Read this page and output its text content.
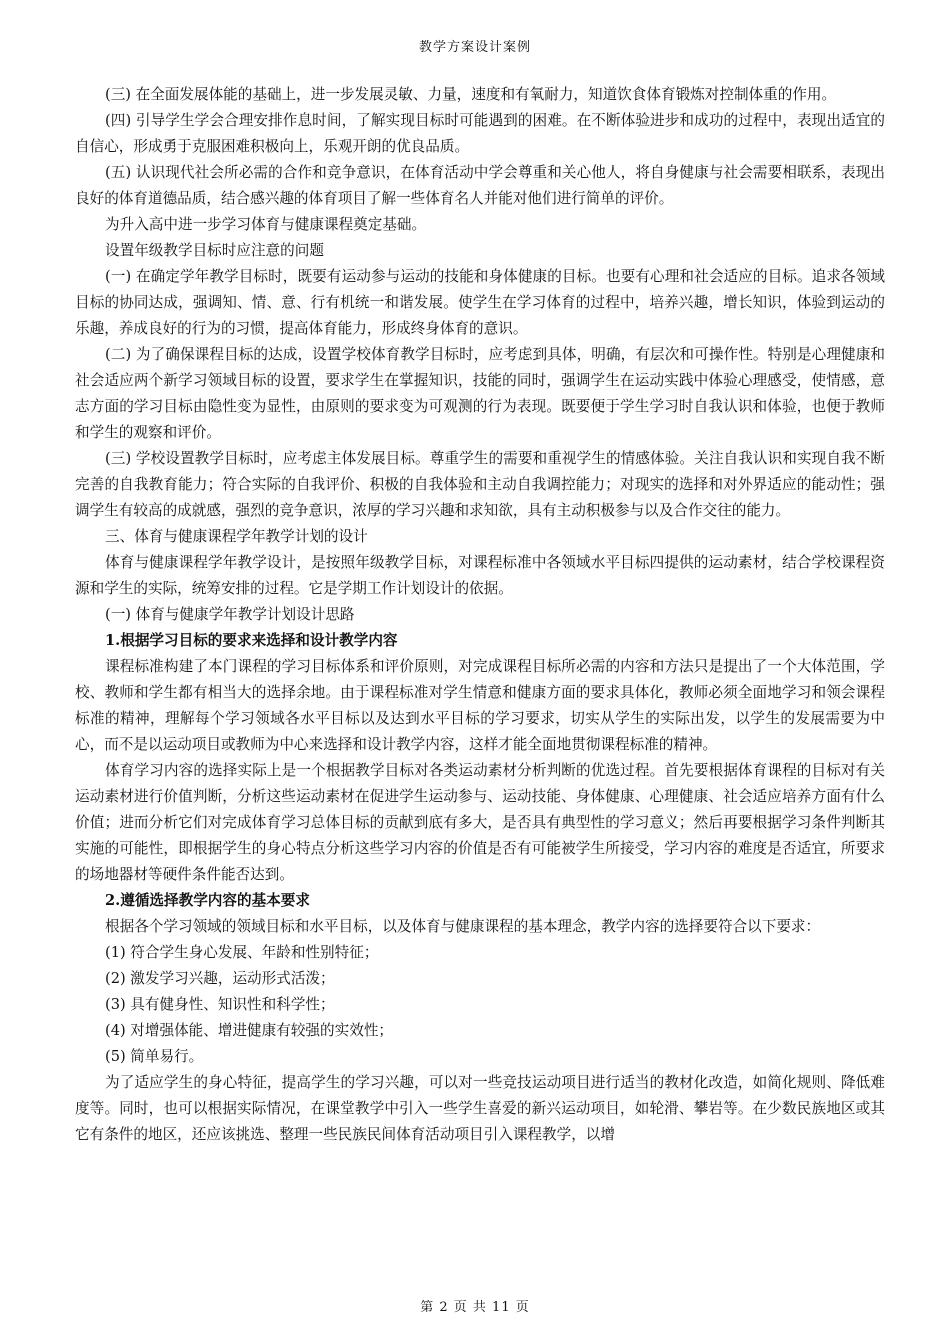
教学方案设计案例

(三) 在全面发展体能的基础上，进一步发展灵敏、力量，速度和有氧耐力，知道饮食体育锻炼对控制体重的作用。

(四) 引导学生学会合理安排作息时间，了解实现目标时可能遇到的困难。在不断体验进步和成功的过程中，表现出适宜的自信心，形成勇于克服困难积极向上，乐观开朗的优良品质。

(五) 认识现代社会所必需的合作和竞争意识，在体育活动中学会尊重和关心他人，将自身健康与社会需要相联系，表现出良好的体育道德品质，结合感兴趣的体育项目了解一些体育名人并能对他们进行简单的评价。

为升入高中进一步学习体育与健康课程奠定基础。

设置年级教学目标时应注意的问题

(一) 在确定学年教学目标时，既要有运动参与运动的技能和身体健康的目标。也要有心理和社会适应的目标。追求各领域目标的协同达成，强调知、情、意、行有机统一和谐发展。使学生在学习体育的过程中，培养兴趣，增长知识，体验到运动的乐趣，养成良好的行为的习惯，提高体育能力，形成终身体育的意识。

(二) 为了确保课程目标的达成，设置学校体育教学目标时，应考虑到具体，明确，有层次和可操作性。特别是心理健康和社会适应两个新学习领域目标的设置，要求学生在掌握知识，技能的同时，强调学生在运动实践中体验心理感受，使情感，意志方面的学习目标由隐性变为显性，由原则的要求变为可观测的行为表现。既要便于学生学习时自我认识和体验，也便于教师和学生的观察和评价。

(三) 学校设置教学目标时，应考虑主体发展目标。尊重学生的需要和重视学生的情感体验。关注自我认识和实现自我不断完善的自我教育能力；符合实际的自我评价、积极的自我体验和主动自我调控能力；对现实的选择和对外界适应的能动性；强调学生有较高的成就感，强烈的竞争意识，浓厚的学习兴趣和求知欲，具有主动积极参与以及合作交往的能力。

三、体育与健康课程学年教学计划的设计

体育与健康课程学年教学设计，是按照年级教学目标，对课程标准中各领域水平目标四提供的运动素材，结合学校课程资源和学生的实际，统筹安排的过程。它是学期工作计划设计的依据。

(一) 体育与健康学年教学计划设计思路

1.根据学习目标的要求来选择和设计教学内容

课程标准构建了本门课程的学习目标体系和评价原则，对完成课程目标所必需的内容和方法只是提出了一个大体范围，学校、教师和学生都有相当大的选择余地。由于课程标准对学生情意和健康方面的要求具体化，教师必须全面地学习和领会课程标准的精神，理解每个学习领域各水平目标以及达到水平目标的学习要求，切实从学生的实际出发，以学生的发展需要为中心，而不是以运动项目或教师为中心来选择和设计教学内容，这样才能全面地贯彻课程标准的精神。

体育学习内容的选择实际上是一个根据教学目标对各类运动素材分析判断的优选过程。首先要根据体育课程的目标对有关运动素材进行价值判断，分析这些运动素材在促进学生运动参与、运动技能、身体健康、心理健康、社会适应培养方面有什么价值；进而分析它们对完成体育学习总体目标的贡献到底有多大，是否具有典型性的学习意义；然后再要根据学习条件判断其实施的可能性，即根据学生的身心特点分析这些学习内容的价值是否有可能被学生所接受，学习内容的难度是否适宜，所要求的场地器材等硬件条件能否达到。

2.遵循选择教学内容的基本要求

根据各个学习领域的领域目标和水平目标，以及体育与健康课程的基本理念，教学内容的选择要符合以下要求：

(1) 符合学生身心发展、年龄和性别特征；

(2) 激发学习兴趣，运动形式活泼；

(3) 具有健身性、知识性和科学性；

(4) 对增强体能、增进健康有较强的实效性；

(5) 简单易行。

为了适应学生的身心特征，提高学生的学习兴趣，可以对一些竞技运动项目进行适当的教材化改造，如简化规则、降低难度等。同时，也可以根据实际情况，在课堂教学中引入一些学生喜爱的新兴运动项目，如轮滑、攀岩等。在少数民族地区或其它有条件的地区，还应该挑选、整理一些民族民间体育活动项目引入课程教学，以增

第 2 页 共 11 页
